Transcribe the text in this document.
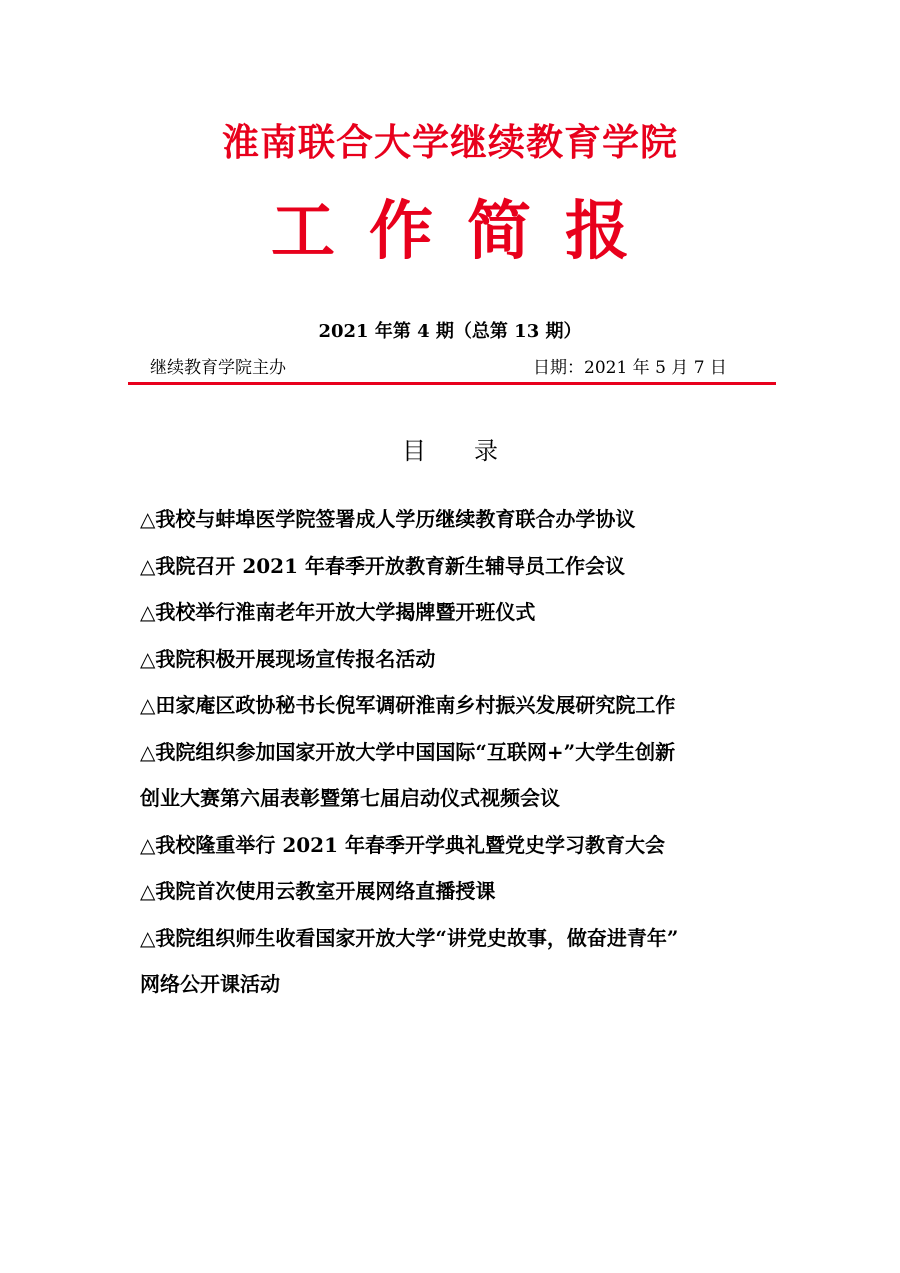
淮南联合大学继续教育学院
工作简报
2021 年第 4 期（总第 13 期）
继续教育学院主办	日期：2021 年 5 月 7 日
目 录
△我校与蚌埠医学院签署成人学历继续教育联合办学协议
△我院召开 2021 年春季开放教育新生辅导员工作会议
△我校举行淮南老年开放大学揭牌暨开班仪式
△我院积极开展现场宣传报名活动
△田家庵区政协秘书长倪军调研淮南乡村振兴发展研究院工作
△我院组织参加国家开放大学中国国际“互联网+”大学生创新
创业大赛第六届表彰暨第七届启动仪式视频会议
△我校隆重举行 2021 年春季开学典礼暨党史学习教育大会
△我院首次使用云教室开展网络直播授课
△我院组织师生收看国家开放大学“讲党史故事，做奋进青年”
网络公开课活动
